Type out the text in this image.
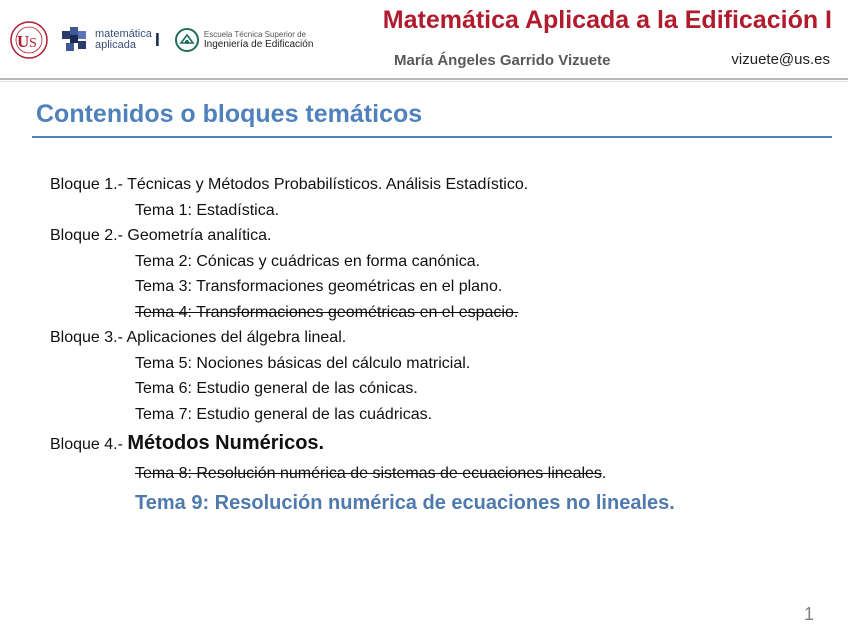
U S
matemática
aplicada	I	Escuela Técnica Superior de
Ingeniería de Edificación
Matemática Aplicada a la Edificación I
María Ángeles Garrido Vizuete	vizuete@us.es
Contenidos o bloques temáticos
Bloque 1.- Técnicas y Métodos Probabilísticos. Análisis Estadístico.
Tema 1: Estadística.
Bloque 2.- Geometría analítica.
Tema 2: Cónicas y cuádricas en forma canónica.
Tema 3: Transformaciones geométricas en el plano.
Tema 4: Transformaciones geométricas en el espacio.
Bloque 3.- Aplicaciones del álgebra lineal.
Tema 5: Nociones básicas del cálculo matricial.
Tema 6: Estudio general de las cónicas.
Tema 7: Estudio general de las cuádricas.
Bloque 4.- Métodos Numéricos.
Tema 8: Resolución numérica de sistemas de ecuaciones lineales.
Tema 9: Resolución numérica de ecuaciones no lineales.
1
